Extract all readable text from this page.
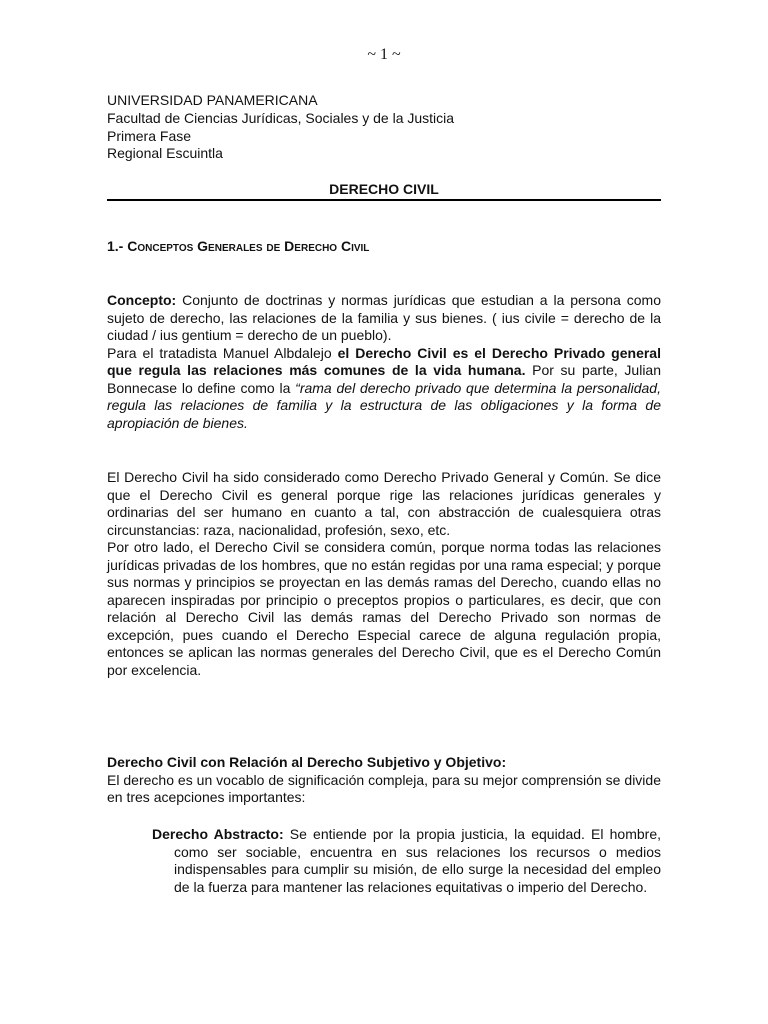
~ 1 ~
UNIVERSIDAD PANAMERICANA
Facultad de Ciencias Jurídicas, Sociales y de la Justicia
Primera Fase
Regional Escuintla
DERECHO CIVIL
1.- Conceptos Generales de Derecho Civil

Concepto: Conjunto de doctrinas y normas jurídicas que estudian a la persona como sujeto de derecho, las relaciones de la familia y sus bienes. ( ius civile = derecho de la ciudad / ius gentium = derecho de un pueblo).

Para el tratadista Manuel Albdalejo el Derecho Civil es el Derecho Privado general que regula las relaciones más comunes de la vida humana. Por su parte, Julian Bonnecase lo define como la “rama del derecho privado que determina la personalidad, regula las relaciones de familia y la estructura de las obligaciones y la forma de apropiación de bienes.

El Derecho Civil ha sido considerado como Derecho Privado General y Común. Se dice que el Derecho Civil es general porque rige las relaciones jurídicas generales y ordinarias del ser humano en cuanto a tal, con abstracción de cualesquiera otras circunstancias: raza, nacionalidad, profesión, sexo, etc.

Por otro lado, el Derecho Civil se considera común, porque norma todas las relaciones jurídicas privadas de los hombres, que no están regidas por una rama especial; y porque sus normas y principios se proyectan en las demás ramas del Derecho, cuando ellas no aparecen inspiradas por principio o preceptos propios o particulares, es decir, que con relación al Derecho Civil las demás ramas del Derecho Privado son normas de excepción, pues cuando el Derecho Especial carece de alguna regulación propia, entonces se aplican las normas generales del Derecho Civil, que es el Derecho Común por excelencia.

Derecho Civil con Relación al Derecho Subjetivo y Objetivo:

El derecho es un vocablo de significación compleja, para su mejor comprensión se divide en tres acepciones importantes:

Derecho Abstracto: Se entiende por la propia justicia, la equidad. El hombre, como ser sociable, encuentra en sus relaciones los recursos o medios indispensables para cumplir su misión, de ello surge la necesidad del empleo de la fuerza para mantener las relaciones equitativas o imperio del Derecho.
